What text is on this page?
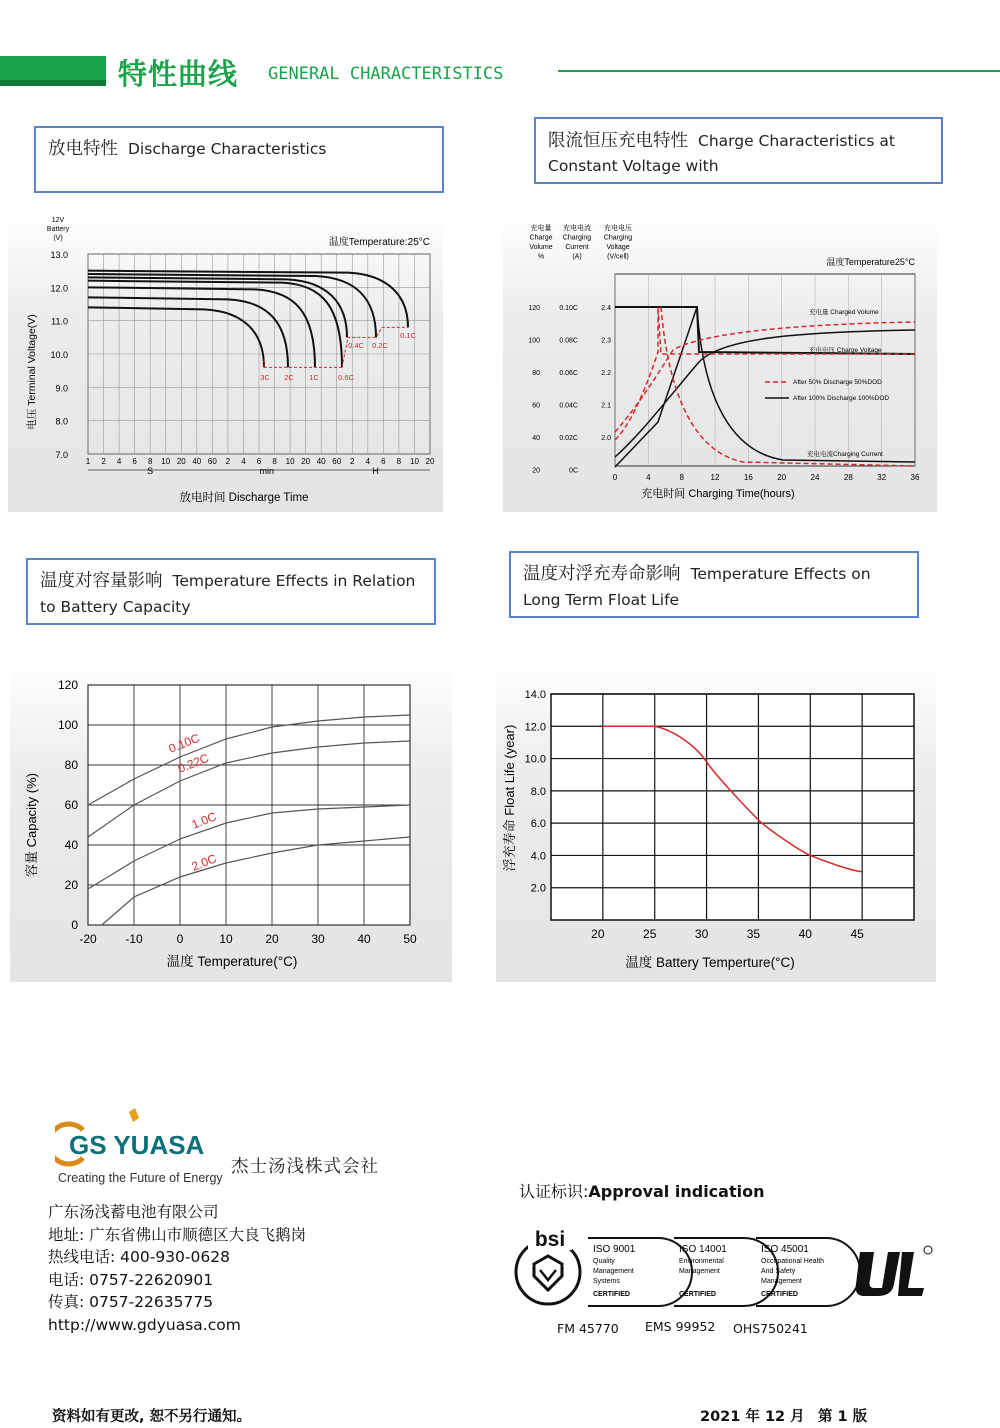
特性曲线 GENERAL CHARACTERISTICS
放电特性 Discharge Characteristics	限流恒压充电特性 Charge Characteristics at Constant Voltage with
温度对容量影响 Temperature Effects in Relation to Battery Capacity
温度对浮充寿命影响 Temperature Effects on Long Term Float Life
12V
Battery
(V)	温度Temperature:25°C
13.0
12.0
11.0
10.0
9.0
8.0
7.0
1 2 4 6 8 10 20 40 60 2 4 6 8 10 20 40 60 2 4 6 8 10 20
S	min	H
3C 2C 1C	0.6C
0.4C 0.2C
0.1C
电压 Terminal Voltage(V)
放电时间 Discharge Time
充电量
Charge
Volume
%
充电电流
Charging
Current
(A)
充电电压
Charging
Voltage
(V/cell)	温度Temperature25°C
120
100
80
60
40
20
0.10C
0.08C
0.06C
0.04C
0.02C
0C
2.4
2.3
2.2
2.1
2.0
0	4	8	12	16	20	24	28	32	36
充电量 Charged Volume
充电电压 Charge Voltage
充电电流Charging Current
After 50% Discharge 50%DOD
After 100% Discharge 100%DOD
充电时间 Charging Time(hours)
120
100
80
60
40
20
0
-20 -10	0	10	20	30	40	50
0.10C
0.22C
1.0C
2.0C
容量 Capacity (%)
温度 Temperature(°C)
14.0
12.0
10.0
8.0
6.0
4.0
2.0
20	25	30	35	40	45
浮充寿命 Float Life (year)
温度 Battery Temperture(°C)
GS YUASA
Creating the Future of Energy
杰士汤浅株式会社
广东汤浅蓄电池有限公司
地址: 广东省佛山市顺德区大良飞鹅岗
热线电话: 400-930-0628
电话: 0757-22620901
传真: 0757-22635775
http://www.gdyuasa.com
认证标识:Approval indication
bsi	ISO 9001
Quality
Management
Systems
CERTIFIED
ISO 14001
Environmental
Management
CERTIFIED
ISO 45001
Occupational Health
And Safety
Management
CERTIFIED
FM 45770 EMS 99952 OHS750241
资料如有更改, 恕不另行通知。	2021 年 12 月 第 1 版
